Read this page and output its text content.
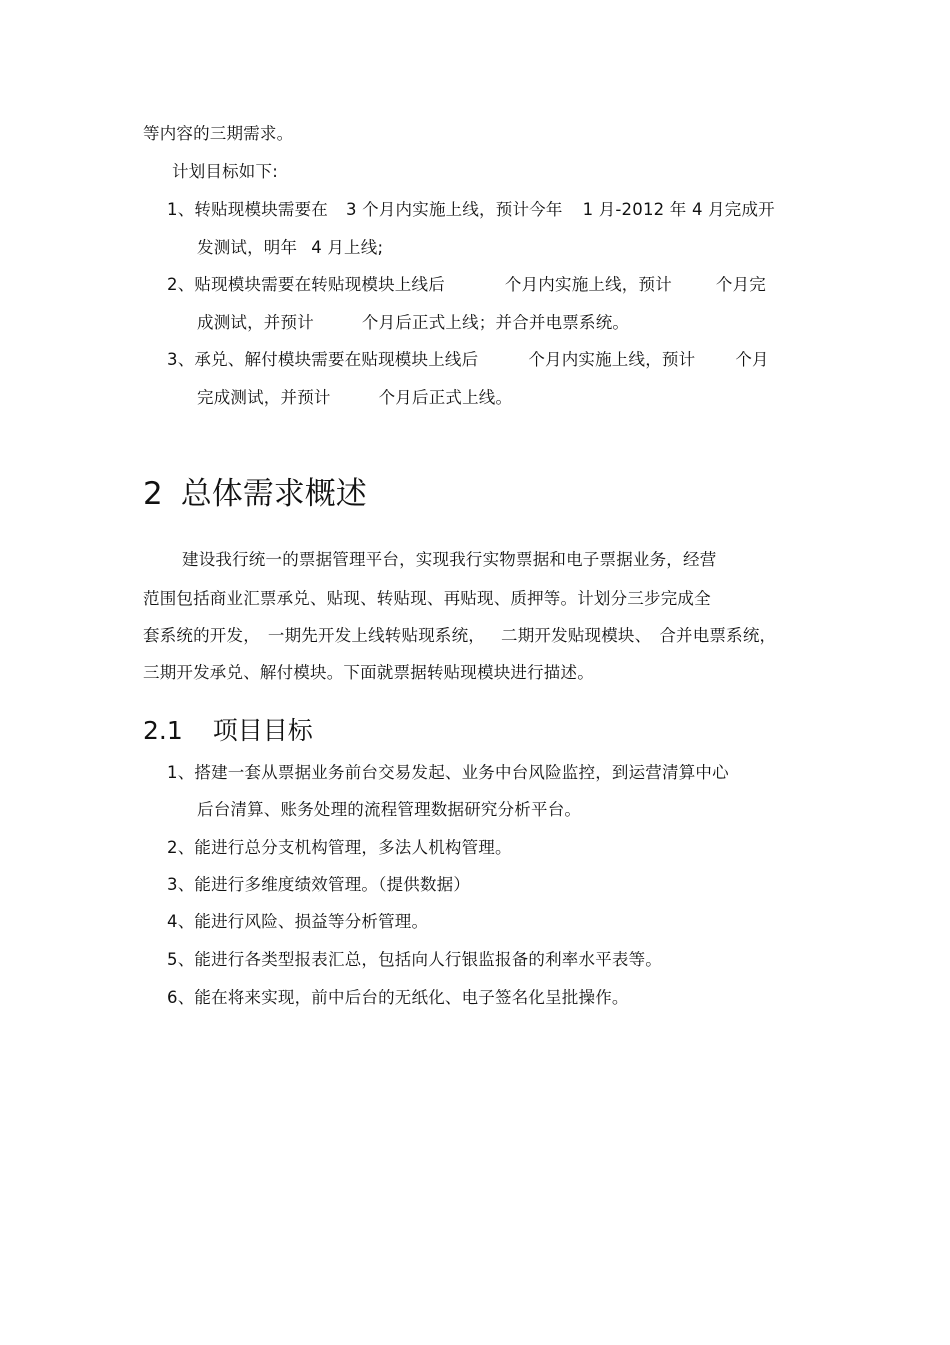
等内容的三期需求。
计划目标如下:
1、转贴现模块需要在 3 个月内实施上线，预计今年 1 月-2012 年 4 月完成开
发测试，明年 4 月上线;
2、贴现模块需要在转贴现模块上线后	个月内实施上线，预计	个月完
成测试，并预计	个月后正式上线；并合并电票系统。
3、承兑、解付模块需要在贴现模块上线后	个月内实施上线，预计 个月
完成测试，并预计	个月后正式上线。
2 总体需求概述
建设我行统一的票据管理平台，实现我行实物票据和电子票据业务，经营
范围包括商业汇票承兑、贴现、转贴现、再贴现、质押等。计划分三步完成全
套系统的开发， 一期先开发上线转贴现系统， 二期开发贴现模块、 合并电票系统，
三期开发承兑、解付模块。下面就票据转贴现模块进行描述。
2.1 项目目标
1、搭建一套从票据业务前台交易发起、业务中台风险监控，到运营清算中心
后台清算、账务处理的流程管理数据研究分析平台。
2、能进行总分支机构管理，多法人机构管理。
3、能进行多维度绩效管理。（提供数据）
4、能进行风险、损益等分析管理。
5、能进行各类型报表汇总，包括向人行银监报备的利率水平表等。
6、能在将来实现，前中后台的无纸化、电子签名化呈批操作。
